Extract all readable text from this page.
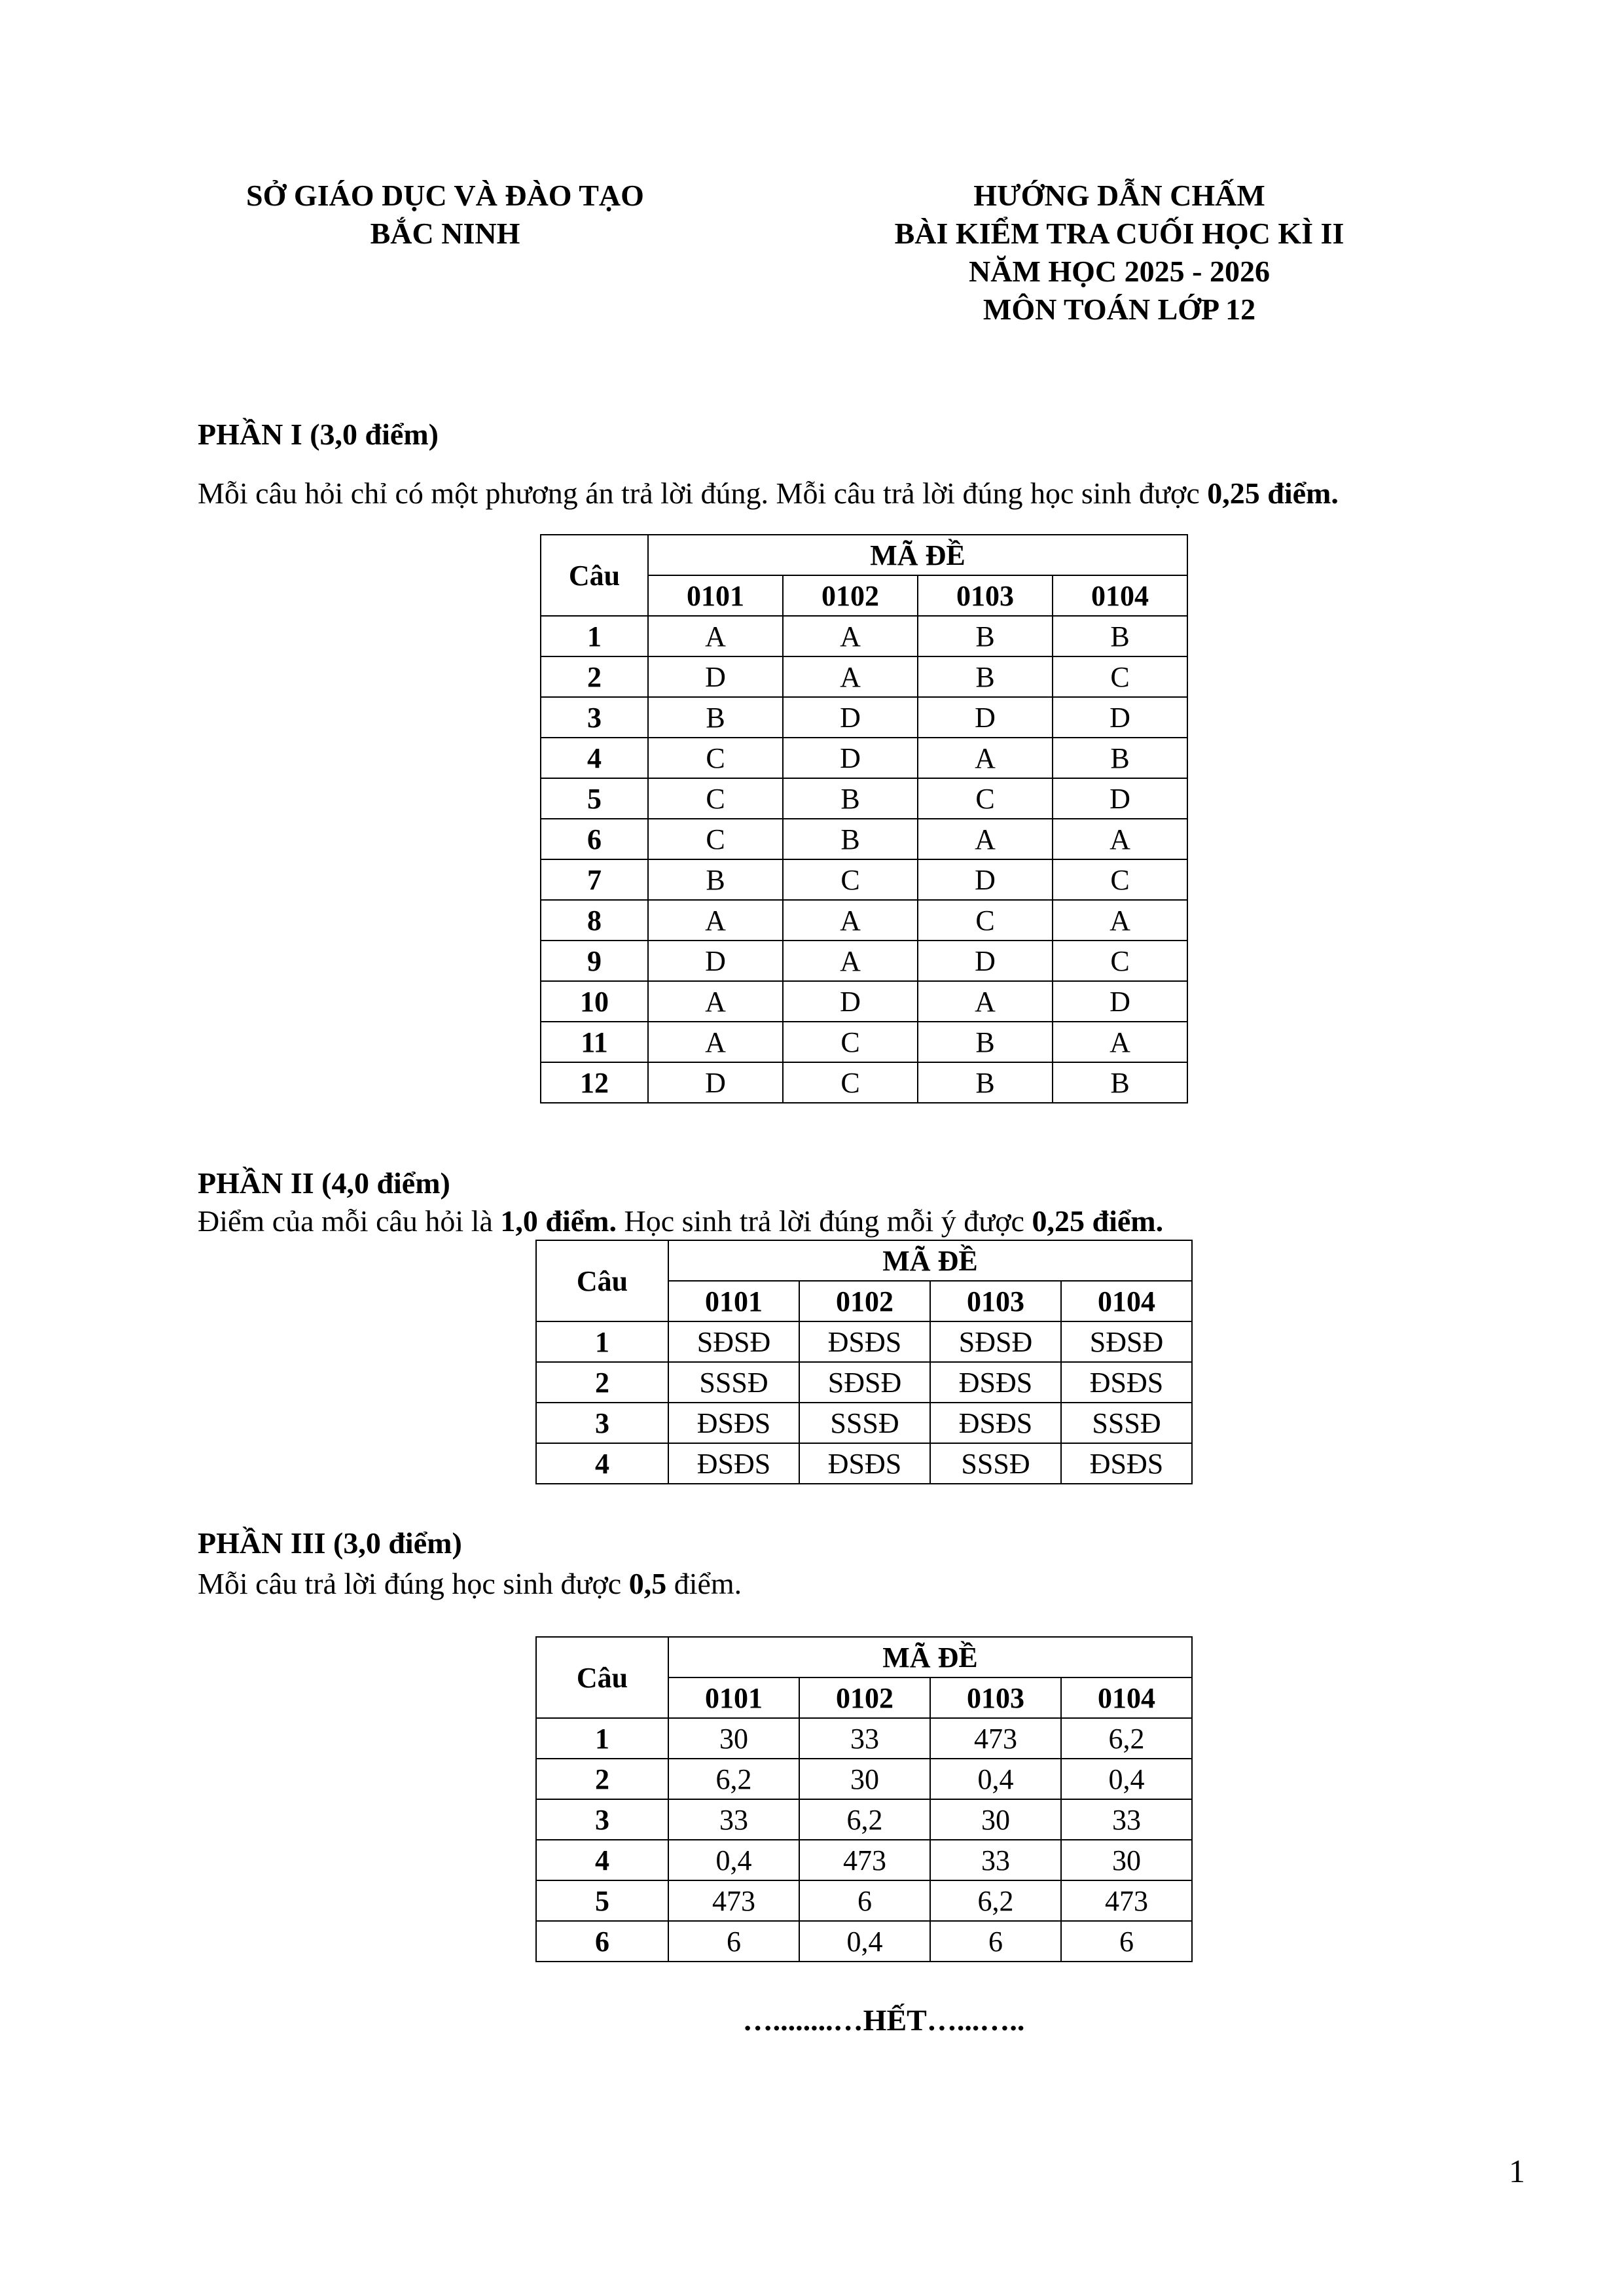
SỞ GIÁO DỤC VÀ ĐÀO TẠO
BẮC NINH
HƯỚNG DẪN CHẤM
BÀI KIỂM TRA CUỐI HỌC KÌ II
NĂM HỌC 2025 - 2026
MÔN TOÁN LỚP 12
PHẦN I (3,0 điểm)
Mỗi câu hỏi chỉ có một phương án trả lời đúng. Mỗi câu trả lời đúng học sinh được 0,25 điểm.
Câu	MÃ ĐỀ			
	0101	0102	0103	0104
1	A	A	B	B
2	D	A	B	C
3	B	D	D	D
4	C	D	A	B
5	C	B	C	D
6	C	B	A	A
7	B	C	D	C
8	A	A	C	A
9	D	A	D	C
10	A	D	A	D
11	A	C	B	A
12	D	C	B	B
PHẦN II (4,0 điểm)
Điểm của mỗi câu hỏi là 1,0 điểm. Học sinh trả lời đúng mỗi ý được 0,25 điểm.
Câu	MÃ ĐỀ			
	0101	0102	0103	0104
1	SĐSĐ	ĐSĐS	SĐSĐ	SĐSĐ
2	SSSĐ	SĐSĐ	ĐSĐS	ĐSĐS
3	ĐSĐS	SSSĐ	ĐSĐS	SSSĐ
4	ĐSĐS	ĐSĐS	SSSĐ	ĐSĐS
PHẦN III (3,0 điểm)
Mỗi câu trả lời đúng học sinh được 0,5 điểm.
Câu	MÃ ĐỀ			
	0101	0102	0103	0104
1	30	33	473	6,2
2	6,2	30	0,4	0,4
3	33	6,2	30	33
4	0,4	473	33	30
5	473	6	6,2	473
6	6	0,4	6	6
…........…HẾT…...…..
1
